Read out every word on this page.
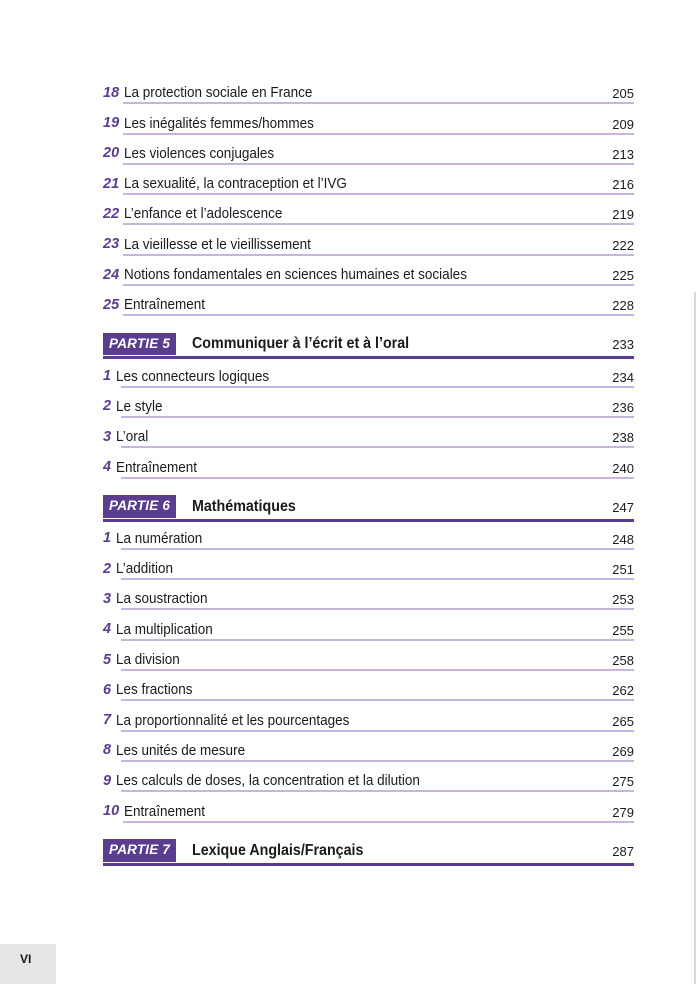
18 La protection sociale en France	205
19 Les inégalités femmes/hommes	209
20 Les violences conjugales	213
21 La sexualité, la contraception et l’IVG	216
22 L’enfance et l’adolescence	219
23 La vieillesse et le vieillissement	222
24 Notions fondamentales en sciences humaines et sociales	225
25 Entraînement	228
PARTIE 5	Communiquer à l’écrit et à l’oral	233
1 Les connecteurs logiques	234
2 Le style	236
3 L’oral	238
4 Entraînement	240
PARTIE 6	Mathématiques	247
1 La numération	248
2 L’addition	251
3 La soustraction	253
4 La multiplication	255
5 La division	258
6 Les fractions	262
7 La proportionnalité et les pourcentages	265
8 Les unités de mesure	269
9 Les calculs de doses, la concentration et la dilution	275
10 Entraînement	279
PARTIE 7	Lexique Anglais/Français	287
VI
